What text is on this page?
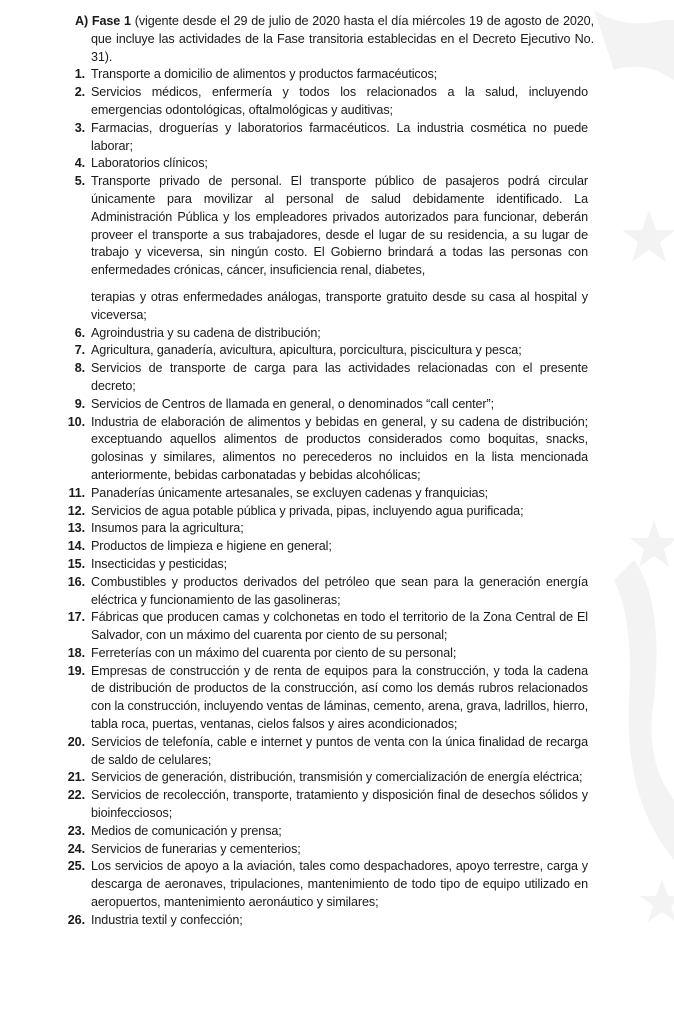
A) Fase 1 (vigente desde el 29 de julio de 2020 hasta el día miércoles 19 de agosto de 2020, que incluye las actividades de la Fase transitoria establecidas en el Decreto Ejecutivo No. 31).

1. Transporte a domicilio de alimentos y productos farmacéuticos;
2. Servicios médicos, enfermería y todos los relacionados a la salud, incluyendo emergencias odontológicas, oftalmológicas y auditivas;
3. Farmacias, droguerías y laboratorios farmacéuticos. La industria cosmética no puede laborar;
4. Laboratorios clínicos;
5. Transporte privado de personal. El transporte público de pasajeros podrá circular únicamente para movilizar al personal de salud debidamente identificado. La Administración Pública y los empleadores privados autorizados para funcionar, deberán proveer el transporte a sus trabajadores, desde el lugar de su residencia, a su lugar de trabajo y viceversa, sin ningún costo. El Gobierno brindará a todas las personas con enfermedades crónicas, cáncer, insuficiencia renal, diabetes,
terapias y otras enfermedades análogas, transporte gratuito desde su casa al hospital y viceversa;
6. Agroindustria y su cadena de distribución;
7. Agricultura, ganadería, avicultura, apicultura, porcicultura, piscicultura y pesca;
8. Servicios de transporte de carga para las actividades relacionadas con el presente decreto;
9. Servicios de Centros de llamada en general, o denominados “call center”;
10. Industria de elaboración de alimentos y bebidas en general, y su cadena de distribución; exceptuando aquellos alimentos de productos considerados como boquitas, snacks, golosinas y similares, alimentos no perecederos no incluidos en la lista mencionada anteriormente, bebidas carbonatadas y bebidas alcohólicas;
11. Panaderías únicamente artesanales, se excluyen cadenas y franquicias;
12. Servicios de agua potable pública y privada, pipas, incluyendo agua purificada;
13. Insumos para la agricultura;
14. Productos de limpieza e higiene en general;
15. Insecticidas y pesticidas;
16. Combustibles y productos derivados del petróleo que sean para la generación energía eléctrica y funcionamiento de las gasolineras;
17. Fábricas que producen camas y colchonetas en todo el territorio de la Zona Central de El Salvador, con un máximo del cuarenta por ciento de su personal;
18. Ferreterías con un máximo del cuarenta por ciento de su personal;
19. Empresas de construcción y de renta de equipos para la construcción, y toda la cadena de distribución de productos de la construcción, así como los demás rubros relacionados con la construcción, incluyendo ventas de láminas, cemento, arena, grava, ladrillos, hierro, tabla roca, puertas, ventanas, cielos falsos y aires acondicionados;
20. Servicios de telefonía, cable e internet y puntos de venta con la única finalidad de recarga de saldo de celulares;
21. Servicios de generación, distribución, transmisión y comercialización de energía eléctrica;
22. Servicios de recolección, transporte, tratamiento y disposición final de desechos sólidos y bioinfecciosos;
23. Medios de comunicación y prensa;
24. Servicios de funerarias y cementerios;
25. Los servicios de apoyo a la aviación, tales como despachadores, apoyo terrestre, carga y descarga de aeronaves, tripulaciones, mantenimiento de todo tipo de equipo utilizado en aeropuertos, mantenimiento aeronáutico y similares;
26. Industria textil y confección;
